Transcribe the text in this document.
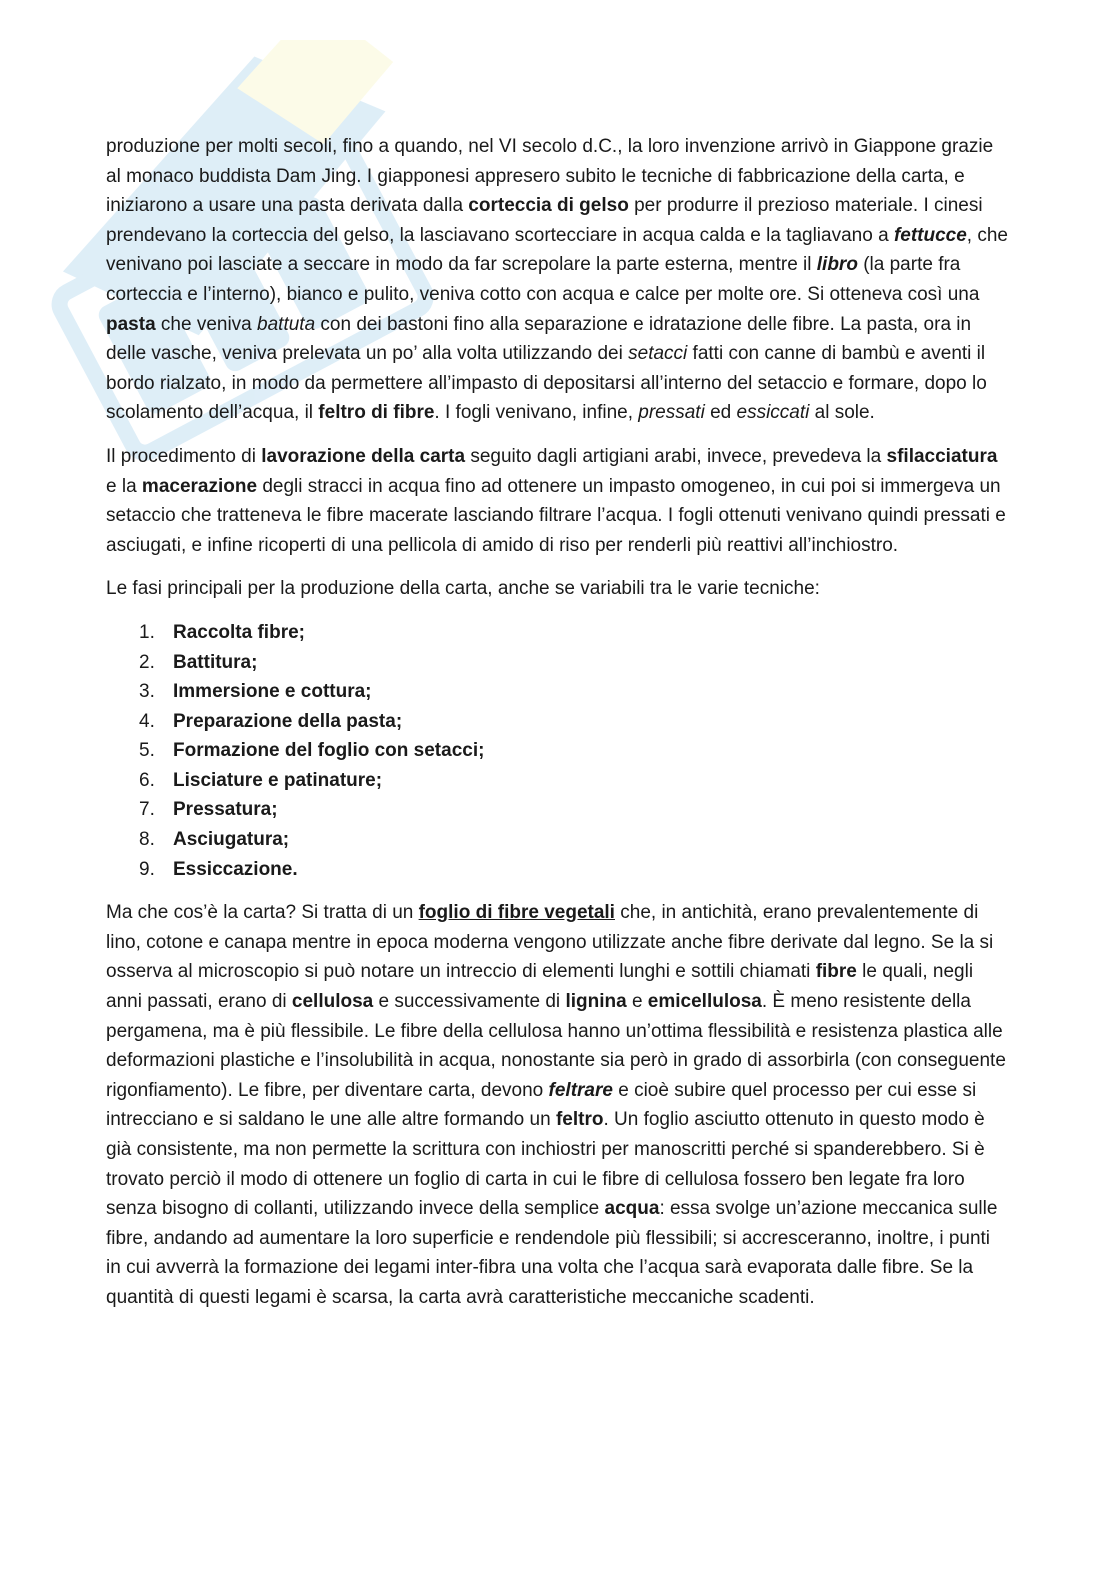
produzione per molti secoli, fino a quando, nel VI secolo d.C., la loro invenzione arrivò in Giappone grazie al monaco buddista Dam Jing. I giapponesi appresero subito le tecniche di fabbricazione della carta, e iniziarono a usare una pasta derivata dalla corteccia di gelso per produrre il prezioso materiale. I cinesi prendevano la corteccia del gelso, la lasciavano scortecciare in acqua calda e la tagliavano a fettucce, che venivano poi lasciate a seccare in modo da far screpolare la parte esterna, mentre il libro (la parte fra corteccia e l’interno), bianco e pulito, veniva cotto con acqua e calce per molte ore. Si otteneva così una pasta che veniva battuta con dei bastoni fino alla separazione e idratazione delle fibre. La pasta, ora in delle vasche, veniva prelevata un po’ alla volta utilizzando dei setacci fatti con canne di bambù e aventi il bordo rialzato, in modo da permettere all’impasto di depositarsi all’interno del setaccio e formare, dopo lo scolamento dell’acqua, il feltro di fibre. I fogli venivano, infine, pressati ed essiccati al sole.

Il procedimento di lavorazione della carta seguito dagli artigiani arabi, invece, prevedeva la sfilacciatura e la macerazione degli stracci in acqua fino ad ottenere un impasto omogeneo, in cui poi si immergeva un setaccio che tratteneva le fibre macerate lasciando filtrare l’acqua. I fogli ottenuti venivano quindi pressati e asciugati, e infine ricoperti di una pellicola di amido di riso per renderli più reattivi all’inchiostro.

Le fasi principali per la produzione della carta, anche se variabili tra le varie tecniche:

1. Raccolta fibre;
2. Battitura;
3. Immersione e cottura;
4. Preparazione della pasta;
5. Formazione del foglio con setacci;
6. Lisciature e patinature;
7. Pressatura;
8. Asciugatura;
9. Essiccazione.

Ma che cos’è la carta? Si tratta di un foglio di fibre vegetali che, in antichità, erano prevalentemente di lino, cotone e canapa mentre in epoca moderna vengono utilizzate anche fibre derivate dal legno. Se la si osserva al microscopio si può notare un intreccio di elementi lunghi e sottili chiamati fibre le quali, negli anni passati, erano di cellulosa e successivamente di lignina e emicellulosa. È meno resistente della pergamena, ma è più flessibile. Le fibre della cellulosa hanno un’ottima flessibilità e resistenza plastica alle deformazioni plastiche e l’insolubilità in acqua, nonostante sia però in grado di assorbirla (con conseguente rigonfiamento). Le fibre, per diventare carta, devono feltrare e cioè subire quel processo per cui esse si intrecciano e si saldano le une alle altre formando un feltro. Un foglio asciutto ottenuto in questo modo è già consistente, ma non permette la scrittura con inchiostri per manoscritti perché si spanderebbero. Si è trovato perciò il modo di ottenere un foglio di carta in cui le fibre di cellulosa fossero ben legate fra loro senza bisogno di collanti, utilizzando invece della semplice acqua: essa svolge un’azione meccanica sulle fibre, andando ad aumentare la loro superficie e rendendole più flessibili; si accresceranno, inoltre, i punti in cui avverrà la formazione dei legami inter-fibra una volta che l’acqua sarà evaporata dalle fibre. Se la quantità di questi legami è scarsa, la carta avrà caratteristiche meccaniche scadenti.
